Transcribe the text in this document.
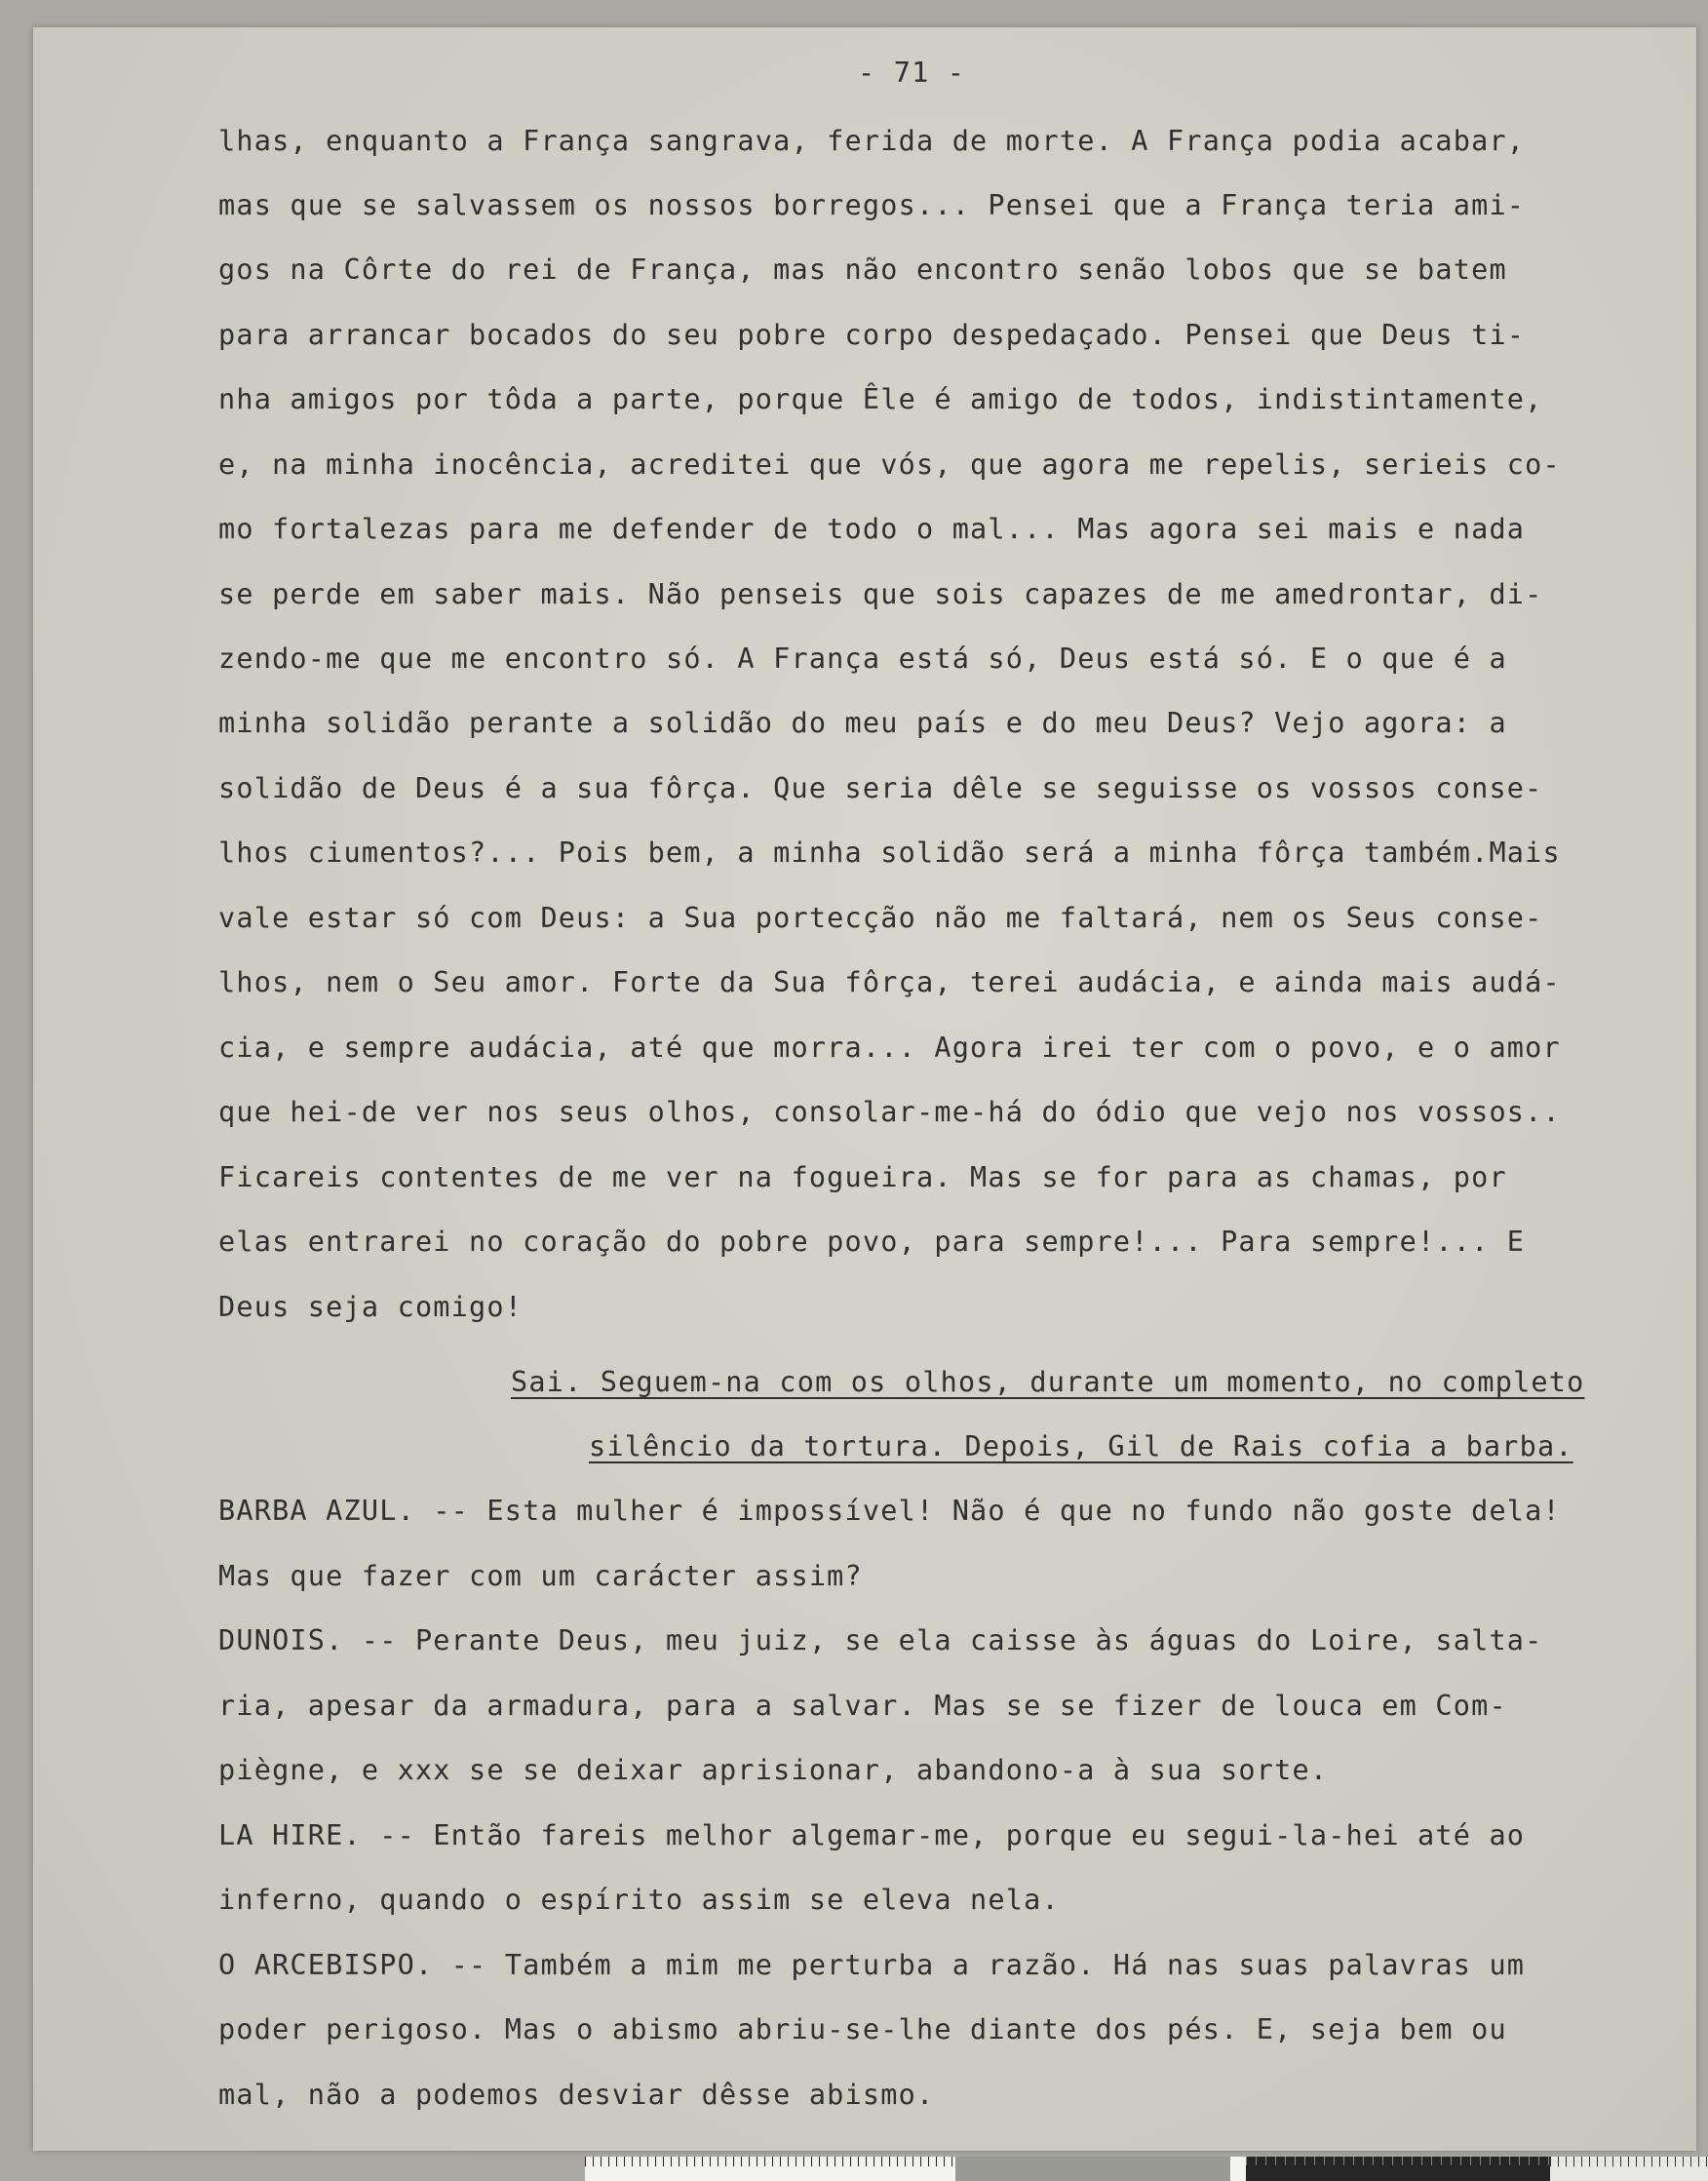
- 71 -
lhas, enquanto a França sangrava, ferida de morte. A França podia acabar,
mas que se salvassem os nossos borregos... Pensei que a França teria ami-
gos na Côrte do rei de França, mas não encontro senão lobos que se batem
para arrancar bocados do seu pobre corpo despedaçado. Pensei que Deus ti-
nha amigos por tôda a parte, porque Êle é amigo de todos, indistintamente,
e, na minha inocência, acreditei que vós, que agora me repelis, serieis co-
mo fortalezas para me defender de todo o mal... Mas agora sei mais e nada
se perde em saber mais. Não penseis que sois capazes de me amedrontar, di-
zendo-me que me encontro só. A França está só, Deus está só. E o que é a
minha solidão perante a solidão do meu país e do meu Deus? Vejo agora: a
solidão de Deus é a sua fôrça. Que seria dêle se seguisse os vossos conse-
lhos ciumentos?... Pois bem, a minha solidão será a minha fôrça também.Mais
vale estar só com Deus: a Sua portecção não me faltará, nem os Seus conse-
lhos, nem o Seu amor. Forte da Sua fôrça, terei audácia, e ainda mais audá-
cia, e sempre audácia, até que morra... Agora irei ter com o povo, e o amor
que hei-de ver nos seus olhos, consolar-me-há do ódio que vejo nos vossos..
Ficareis contentes de me ver na fogueira. Mas se for para as chamas, por
elas entrarei no coração do pobre povo, para sempre!... Para sempre!... E
Deus seja comigo!
Sai. Seguem-na com os olhos, durante um momento, no completo
silêncio da tortura. Depois, Gil de Rais cofia a barba.
BARBA AZUL. -- Esta mulher é impossível! Não é que no fundo não goste dela!
Mas que fazer com um carácter assim?
DUNOIS. -- Perante Deus, meu juiz, se ela caisse às águas do Loire, salta-
ria, apesar da armadura, para a salvar. Mas se se fizer de louca em Com-
piègne, e xxx se se deixar aprisionar, abandono-a à sua sorte.
LA HIRE. -- Então fareis melhor algemar-me, porque eu segui-la-hei até ao
inferno, quando o espírito assim se eleva nela.
O ARCEBISPO. -- Também a mim me perturba a razão. Há nas suas palavras um
poder perigoso. Mas o abismo abriu-se-lhe diante dos pés. E, seja bem ou
mal, não a podemos desviar dêsse abismo.
